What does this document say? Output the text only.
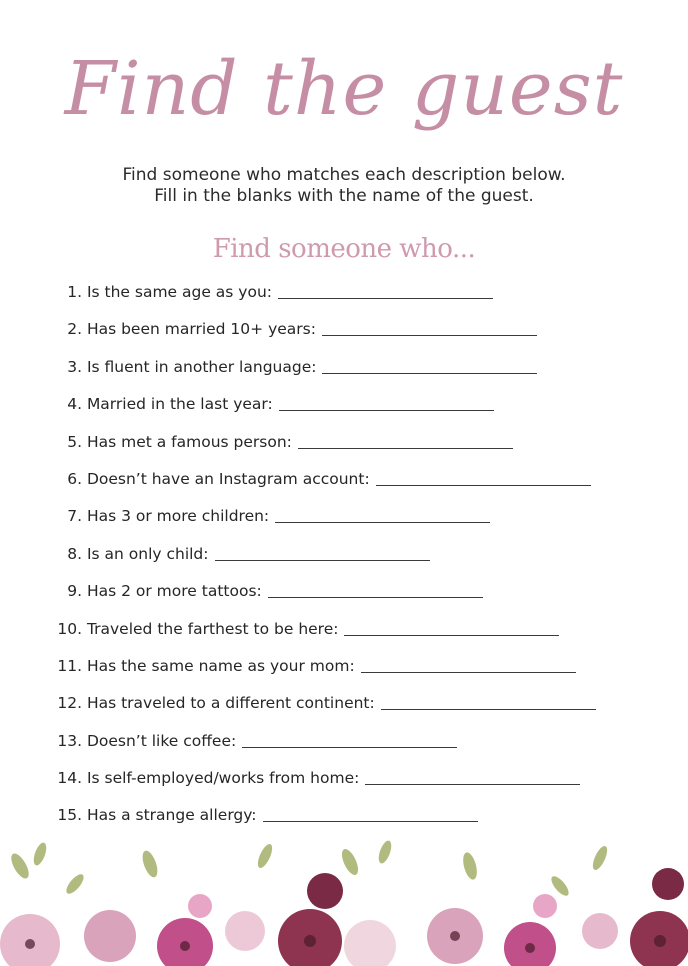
Find the guest
Find someone who matches each description below.
Fill in the blanks with the name of the guest.
Find someone who...
1.
Is the same age as you:
2.
Has been married 10+ years:
3.
Is fluent in another language:
4.
Married in the last year:
5.
Has met a famous person:
6.
Doesn’t have an Instagram account:
7.
Has 3 or more children:
8.
Is an only child:
9.
Has 2 or more tattoos:
10.
Traveled the farthest to be here:
11.
Has the same name as your mom:
12.
Has traveled to a different continent:
13.
Doesn’t like coffee:
14.
Is self-employed/works from home:
15.
Has a strange allergy:
